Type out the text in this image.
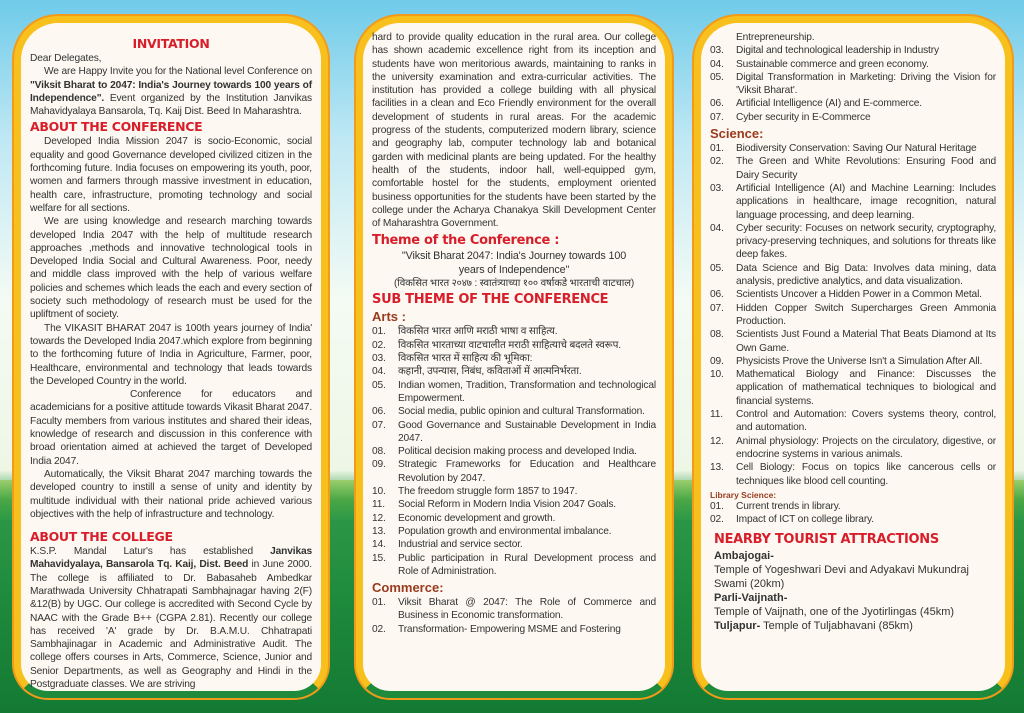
INVITATION

Dear Delegates,

We are Happy Invite you for the National level Conference on "Viksit Bharat to 2047: India's Journey towards 100 years of Independence". Event organized by the Institution Janvikas Mahavidyalaya Bansarola, Tq. Kaij Dist. Beed In Maharashtra.

ABOUT THE CONFERENCE

Developed India Mission 2047 is socio-Economic, social equality and good Governance developed civilized citizen in the forthcoming future. India focuses on empowering its youth, poor, women and farmers through massive investment in education, health care, infrastructure, promoting technology and social welfare for all sections.

We are using knowledge and research marching towards developed India 2047 with the help of multitude research approaches ,methods and innovative technological tools in Developed India Social and Cultural Awareness. Poor, needy and middle class improved with the help of various welfare policies and schemes which leads the each and every section of society such methodology of research must be used for the upliftment of society.

The VIKASIT BHARAT 2047 is 100th years journey of India' towards the Developed India 2047.which explore from beginning to the forthcoming future of India in Agriculture, Farmer, poor, Healthcare, environmental and technology that leads towards the Developed Country in the world.

Conference for educators and academicians for a positive attitude towards Vikasit Bharat 2047. Faculty members from various institutes and shared their ideas, knowledge of research and discussion in this conference with broad orientation aimed at achieved the target of Developed India 2047.

Automatically, the Viksit Bharat 2047 marching towards the developed country to instill a sense of unity and identity by multitude individual with their national pride achieved various objectives with the help of infrastructure and technology.

ABOUT THE COLLEGE

K.S.P. Mandal Latur's has established Janvikas Mahavidyalaya, Bansarola Tq. Kaij, Dist. Beed in June 2000. The college is affiliated to Dr. Babasaheb Ambedkar Marathwada University Chhatrapati Sambhajnagar having 2(F) &12(B) by UGC. Our college is accredited with Second Cycle by NAAC with the Grade B++ (CGPA 2.81). Recently our college has received 'A' grade by Dr. B.A.M.U. Chhatrapati Sambhajinagar in Academic and Administrative Audit. The college offers courses in Arts, Commerce, Science, Junior and Senior Departments, as well as Geography and Hindi in the Postgraduate classes. We are striving

hard to provide quality education in the rural area. Our college has shown academic excellence right from its inception and students have won meritorious awards, maintaining to ranks in the university examination and extra-curricular activities. The institution has provided a college building with all physical facilities in a clean and Eco Friendly environment for the overall development of students in rural areas. For the academic progress of the students, computerized modern library, science and geography lab, computer technology lab and botanical garden with medicinal plants are being updated. For the healthy health of the students, indoor hall, well-equipped gym, comfortable hostel for the students, employment oriented business opportunities for the students have been started by the college under the Acharya Chanakya Skill Development Center of Maharashtra Government.

Theme of the Conference :

"Viksit Bharat 2047: India's Journey towards 100 years of Independence"

(विकसित भारत २०४७ : स्वातंत्र्याच्या १०० वर्षाकडे भारताची वाटचाल)

SUB THEME OF THE CONFERENCE
Arts :
01.	विकसित भारत आणि मराठी भाषा व साहित्य.
02.	विकसित भारताच्या वाटचालीत मराठी साहित्याचे बदलते स्वरूप.
03.	विकसित भारत में साहित्य की भूमिका:
04.	कहानी, उपन्यास, निबंध, कविताओं में आत्मनिर्भरता.
05.	Indian women, Tradition, Transformation and technological Empowerment.
06.	Social media, public opinion and cultural Transformation.
07.	Good Governance and Sustainable Development in India 2047.
08.	Political decision making process and developed India.
09.	Strategic Frameworks for Education and Healthcare Revolution by 2047.
10.	The freedom struggle form 1857 to 1947.
11.	Social Reform in Modern India Vision 2047 Goals.
12.	Economic development and growth.
13.	Population growth and environmental imbalance.
14.	Industrial and service sector.
15.	Public participation in Rural Development process and Role of Administration.
Commerce:
01.	Viksit Bharat @ 2047: The Role of Commerce and Business in Economic transformation.
02.	Transformation- Empowering MSME and Fostering

Entrepreneurship.

03.	Digital and technological leadership in Industry
04.	Sustainable commerce and green economy.
05.	Digital Transformation in Marketing: Driving the Vision for 'Viksit Bharat'.
06.	Artificial Intelligence (AI) and E-commerce.
07.	Cyber security in E-Commerce
Science:
01.	Biodiversity Conservation: Saving Our Natural Heritage
02.	The Green and White Revolutions: Ensuring Food and Dairy Security
03.	Artificial Intelligence (AI) and Machine Learning: Includes applications in healthcare, image recognition, natural language processing, and deep learning.
04.	Cyber security: Focuses on network security, cryptography, privacy-preserving techniques, and solutions for threats like deep fakes.
05.	Data Science and Big Data: Involves data mining, data analysis, predictive analytics, and data visualization.
06.	Scientists Uncover a Hidden Power in a Common Metal.
07.	Hidden Copper Switch Supercharges Green Ammonia Production.
08.	Scientists Just Found a Material That Beats Diamond at Its Own Game.
09.	Physicists Prove the Universe Isn't a Simulation After All.
10.	Mathematical Biology and Finance: Discusses the application of mathematical techniques to biological and financial systems.
11.	Control and Automation: Covers systems theory, control, and automation.
12.	Animal physiology: Projects on the circulatory, digestive, or endocrine systems in various animals.
13.	Cell Biology: Focus on topics like cancerous cells or techniques like blood cell counting.
Library Science:
01.	Current trends in library.
02.	Impact of ICT on college library.
NEARBY TOURIST ATTRACTIONS

Ambajogai-

Temple of Yogeshwari Devi and Adyakavi Mukundraj Swami (20km)

Parli-Vaijnath-

Temple of Vaijnath, one of the Jyotirlingas (45km)

Tuljapur- Temple of Tuljabhavani (85km)
